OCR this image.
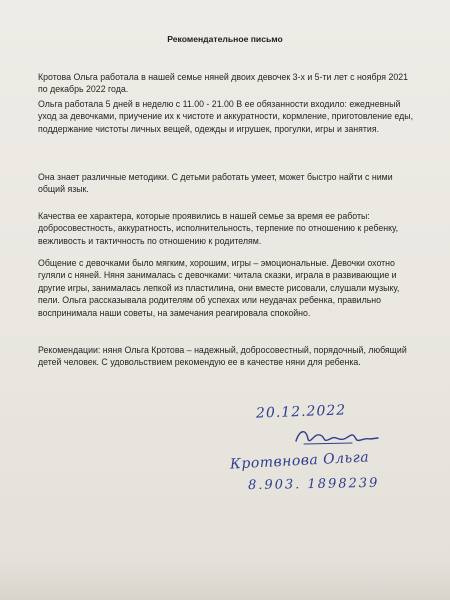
Рекомендательное письмо

Кротова Ольга работала в нашей семье няней двоих девочек 3-х и 5-ти лет с ноября 2021 по декабрь 2022 года.

Ольга работала 5 дней в неделю с 11.00 - 21.00 В ее обязанности входило: ежедневный уход за девочками, приучение их к чистоте и аккуратности, кормление, приготовление еды, поддержание чистоты личных вещей, одежды и игрушек, прогулки, игры и занятия.

Она знает различные методики. С детьми работать умеет, может быстро найти с ними общий язык.

Качества ее характера, которые проявились в нашей семье за время ее работы: добросовестность, аккуратность, исполнительность, терпение по отношению к ребенку, вежливость и тактичность по отношению к родителям.

Общение с девочками было мягким, хорошим, игры – эмоциональные. Девочки охотно гуляли с няней. Няня занималась с девочками: читала сказки, играла в развивающие и другие игры, занималась лепкой из пластилина, они вместе рисовали, слушали музыку, пели. Ольга рассказывала родителям об успехах или неудачах ребенка, правильно воспринимала наши советы, на замечания реагировала спокойно.

Рекомендации: няня Ольга Кротова – надежный, добросовестный, порядочный, любящий детей человек. С удовольствием рекомендую ее в качестве няни для ребенка.

20.12.2022
Кротвнова Ольга
8.903. 1898239
